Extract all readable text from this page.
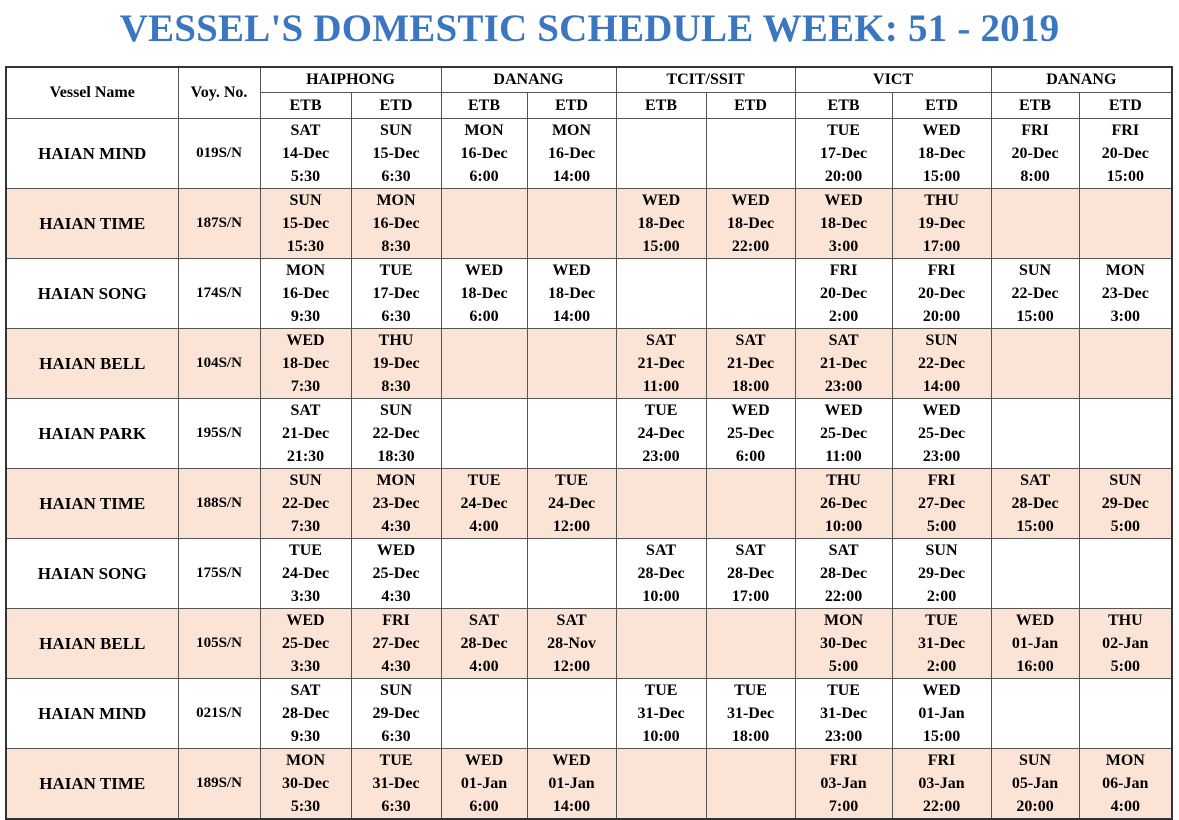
VESSEL'S DOMESTIC SCHEDULE WEEK: 51 - 2019
Vessel Name	Voy. No.	HAIPHONG		DANANG		TCIT/SSIT		VICT		DANANG	
		ETB	ETD	ETB	ETD	ETB	ETD	ETB	ETD	ETB	ETD
HAIAN MIND	019S/N	SAT
14-Dec
5:30	SUN
15-Dec
6:30	MON
16-Dec
6:00	MON
16-Dec
14:00			TUE
17-Dec
20:00	WED
18-Dec
15:00	FRI
20-Dec
8:00	FRI
20-Dec
15:00

HAIAN TIME	187S/N	SUN
15-Dec
15:30	MON
16-Dec
8:30			WED
18-Dec
15:00	WED
18-Dec
22:00	WED
18-Dec
3:00	THU
19-Dec
17:00		

HAIAN SONG	174S/N	MON
16-Dec
9:30	TUE
17-Dec
6:30	WED
18-Dec
6:00	WED
18-Dec
14:00			FRI
20-Dec
2:00	FRI
20-Dec
20:00	SUN
22-Dec
15:00	MON
23-Dec
3:00

HAIAN BELL	104S/N	WED
18-Dec
7:30	THU
19-Dec
8:30			SAT
21-Dec
11:00	SAT
21-Dec
18:00	SAT
21-Dec
23:00	SUN
22-Dec
14:00		

HAIAN PARK	195S/N	SAT
21-Dec
21:30	SUN
22-Dec
18:30			TUE
24-Dec
23:00	WED
25-Dec
6:00	WED
25-Dec
11:00	WED
25-Dec
23:00		

HAIAN TIME	188S/N	SUN
22-Dec
7:30	MON
23-Dec
4:30	TUE
24-Dec
4:00	TUE
24-Dec
12:00			THU
26-Dec
10:00	FRI
27-Dec
5:00	SAT
28-Dec
15:00	SUN
29-Dec
5:00

HAIAN SONG	175S/N	TUE
24-Dec
3:30	WED
25-Dec
4:30			SAT
28-Dec
10:00	SAT
28-Dec
17:00	SAT
28-Dec
22:00	SUN
29-Dec
2:00		

HAIAN BELL	105S/N	WED
25-Dec
3:30	FRI
27-Dec
4:30	SAT
28-Dec
4:00	SAT
28-Nov
12:00			MON
30-Dec
5:00	TUE
31-Dec
2:00	WED
01-Jan
16:00	THU
02-Jan
5:00

HAIAN MIND	021S/N	SAT
28-Dec
9:30	SUN
29-Dec
6:30			TUE
31-Dec
10:00	TUE
31-Dec
18:00	TUE
31-Dec
23:00	WED
01-Jan
15:00		

HAIAN TIME	189S/N	MON
30-Dec
5:30	TUE
31-Dec
6:30	WED
01-Jan
6:00	WED
01-Jan
14:00			FRI
03-Jan
7:00	FRI
03-Jan
22:00	SUN
05-Jan
20:00	MON
06-Jan
4:00
